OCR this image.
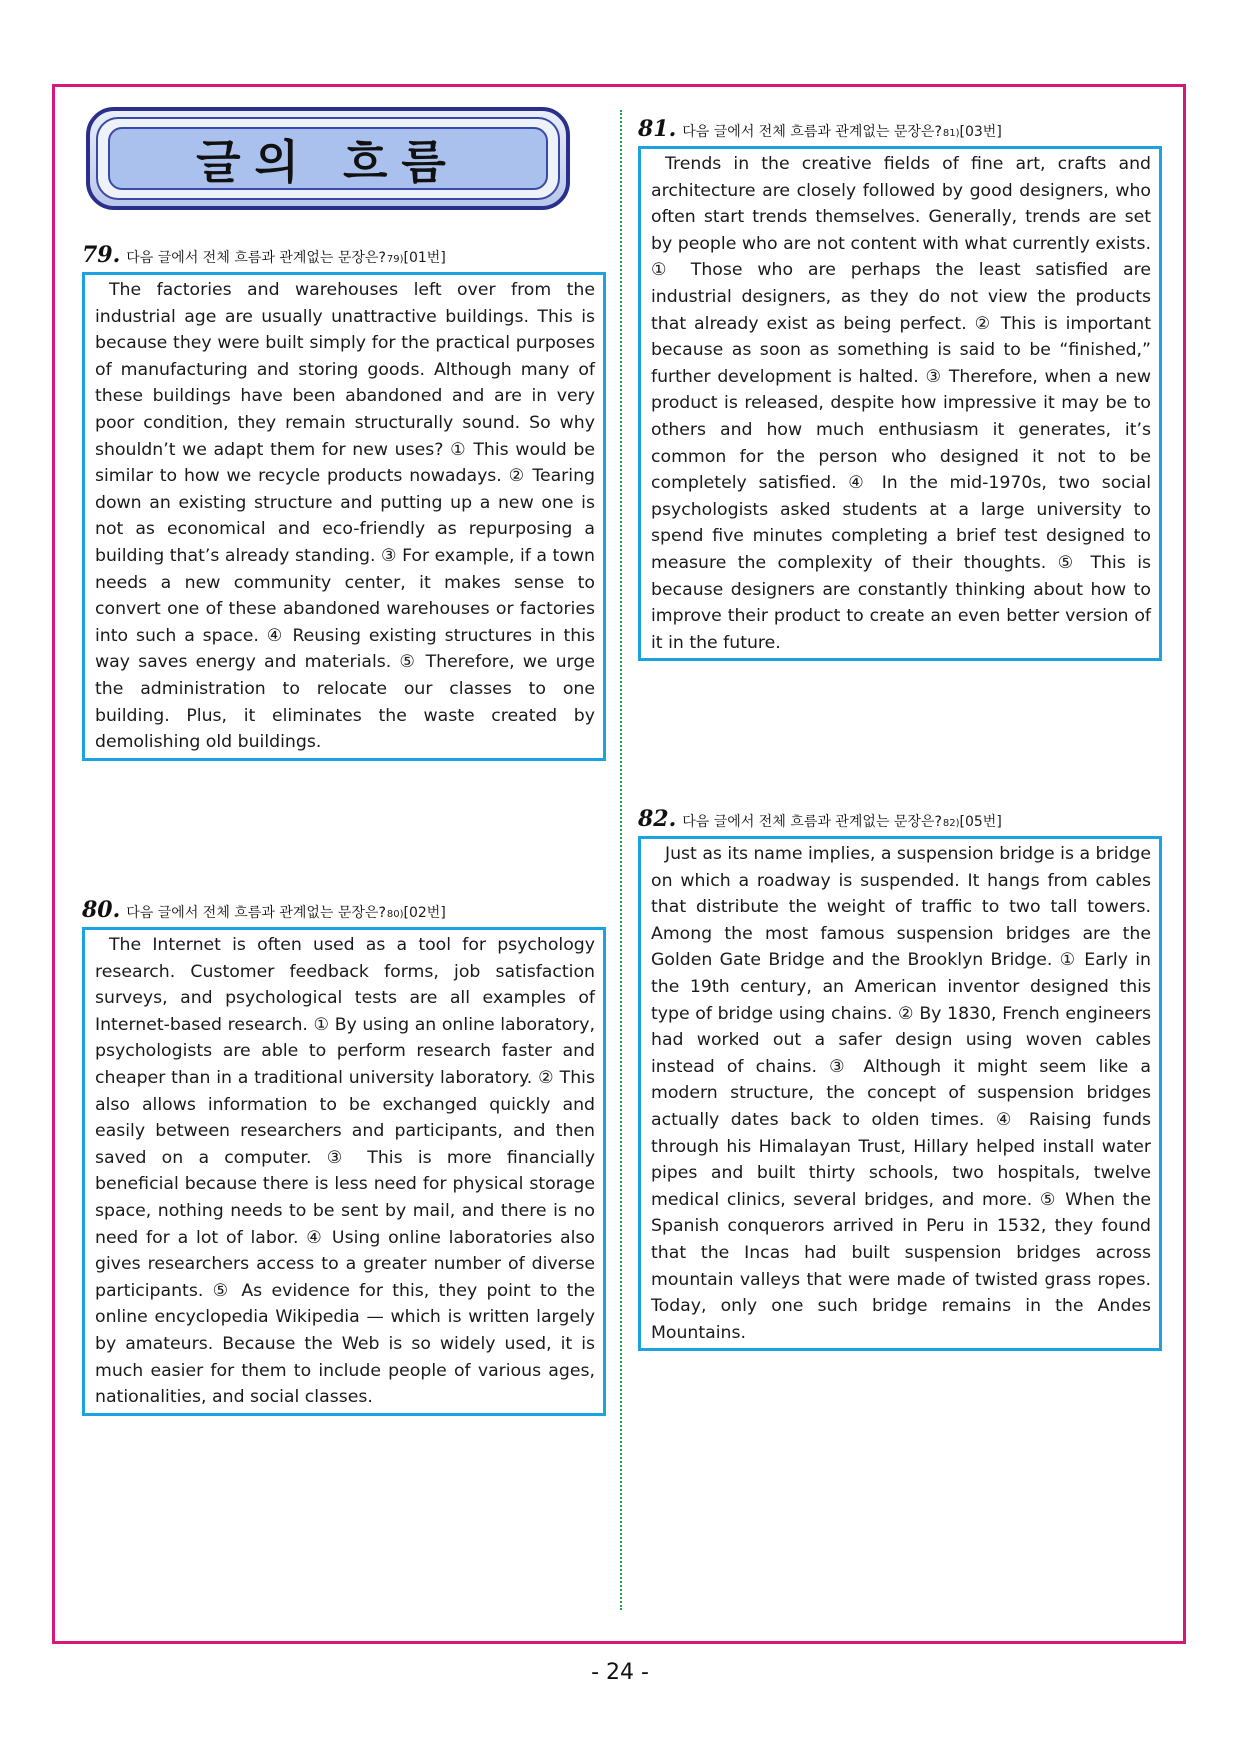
글의 흐름
79. 다음 글에서 전체 흐름과 관계없는 문장은? 79) [01번]

The factories and warehouses left over from the industrial age are usually unattractive buildings. This is because they were built simply for the practical purposes of manufacturing and storing goods. Although many of these buildings have been abandoned and are in very poor condition, they remain structurally sound. So why shouldn’t we adapt them for new uses? ① This would be similar to how we recycle products nowadays. ② Tearing down an existing structure and putting up a new one is not as economical and eco-friendly as repurposing a building that’s already standing. ③ For example, if a town needs a new community center, it makes sense to convert one of these abandoned warehouses or factories into such a space. ④ Reusing existing structures in this way saves energy and materials. ⑤ Therefore, we urge the administration to relocate our classes to one building. Plus, it eliminates the waste created by demolishing old buildings.

80. 다음 글에서 전체 흐름과 관계없는 문장은? 80) [02번]

The Internet is often used as a tool for psychology research. Customer feedback forms, job satisfaction surveys, and psychological tests are all examples of Internet-based research. ① By using an online laboratory, psychologists are able to perform research faster and cheaper than in a traditional university laboratory. ② This also allows information to be exchanged quickly and easily between researchers and participants, and then saved on a computer. ③ This is more financially beneficial because there is less need for physical storage space, nothing needs to be sent by mail, and there is no need for a lot of labor. ④ Using online laboratories also gives researchers access to a greater number of diverse participants. ⑤ As evidence for this, they point to the online encyclopedia Wikipedia — which is written largely by amateurs. Because the Web is so widely used, it is much easier for them to include people of various ages, nationalities, and social classes.

81. 다음 글에서 전체 흐름과 관계없는 문장은? 81) [03번]

Trends in the creative fields of fine art, crafts and architecture are closely followed by good designers, who often start trends themselves. Generally, trends are set by people who are not content with what currently exists. ① Those who are perhaps the least satisfied are industrial designers, as they do not view the products that already exist as being perfect. ② This is important because as soon as something is said to be “finished,” further development is halted. ③ Therefore, when a new product is released, despite how impressive it may be to others and how much enthusiasm it generates, it’s common for the person who designed it not to be completely satisfied. ④ In the mid-1970s, two social psychologists asked students at a large university to spend five minutes completing a brief test designed to measure the complexity of their thoughts. ⑤ This is because designers are constantly thinking about how to improve their product to create an even better version of it in the future.

82. 다음 글에서 전체 흐름과 관계없는 문장은? 82) [05번]

Just as its name implies, a suspension bridge is a bridge on which a roadway is suspended. It hangs from cables that distribute the weight of traffic to two tall towers. Among the most famous suspension bridges are the Golden Gate Bridge and the Brooklyn Bridge. ① Early in the 19th century, an American inventor designed this type of bridge using chains. ② By 1830, French engineers had worked out a safer design using woven cables instead of chains. ③ Although it might seem like a modern structure, the concept of suspension bridges actually dates back to olden times. ④ Raising funds through his Himalayan Trust, Hillary helped install water pipes and built thirty schools, two hospitals, twelve medical clinics, several bridges, and more. ⑤ When the Spanish conquerors arrived in Peru in 1532, they found that the Incas had built suspension bridges across mountain valleys that were made of twisted grass ropes. Today, only one such bridge remains in the Andes Mountains.

- 24 -
